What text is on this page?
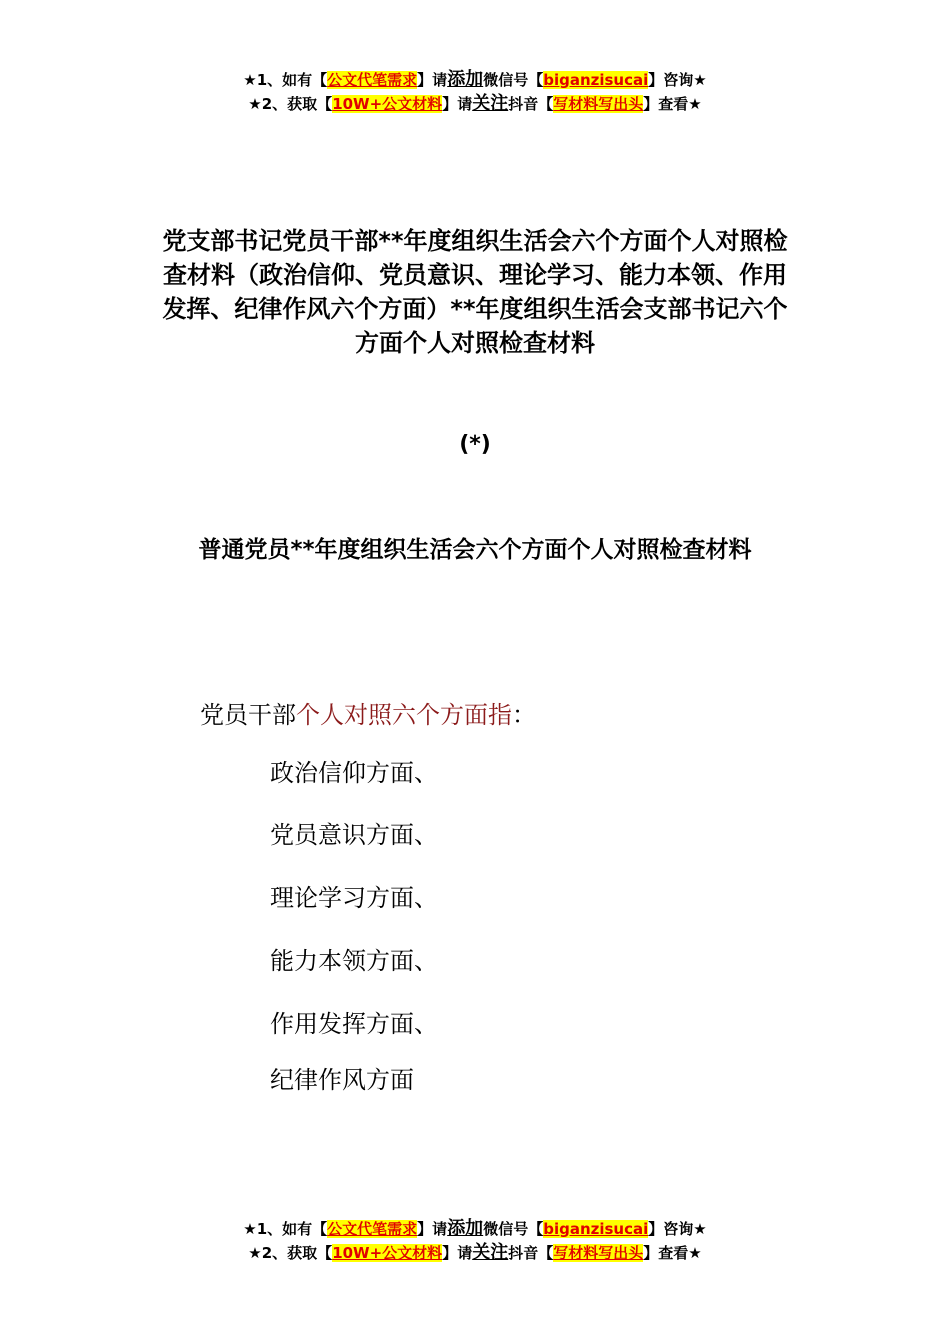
★1、如有【公文代笔需求】请添加微信号【biganzisucai】咨询★
★2、获取【10W+公文材料】请关注抖音【写材料写出头】查看★
党支部书记党员干部**年度组织生活会六个方面个人对照检
查材料（政治信仰、党员意识、理论学习、能力本领、作用
发挥、纪律作风六个方面）**年度组织生活会支部书记六个
方面个人对照检查材料
(*)
普通党员**年度组织生活会六个方面个人对照检查材料
党员干部个人对照六个方面指：
政治信仰方面、
党员意识方面、
理论学习方面、
能力本领方面、
作用发挥方面、
纪律作风方面
★1、如有【公文代笔需求】请添加微信号【biganzisucai】咨询★
★2、获取【10W+公文材料】请关注抖音【写材料写出头】查看★
